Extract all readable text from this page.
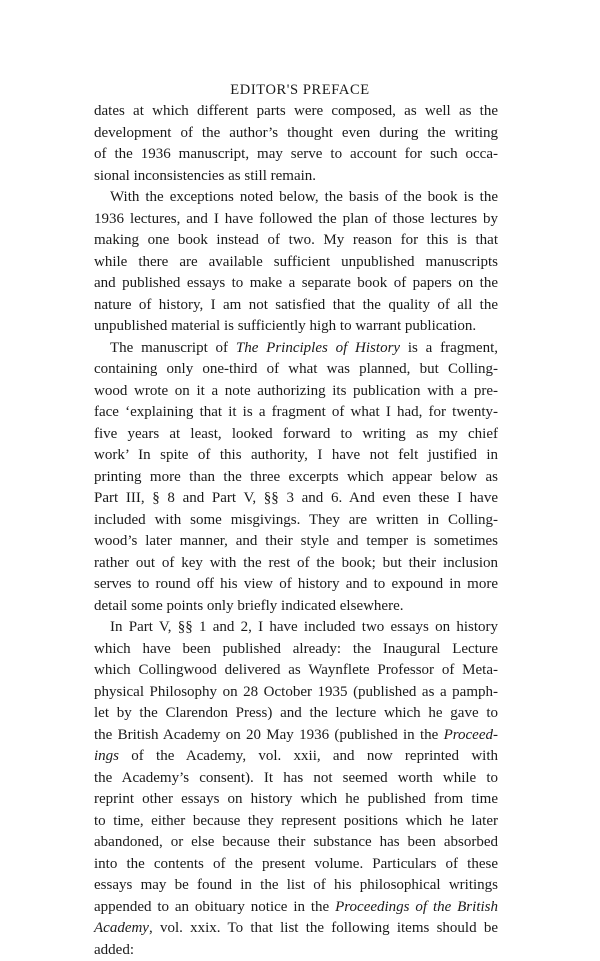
EDITOR'S PREFACE
dates at which different parts were composed, as well as the
development of the author’s thought even during the writing
of the 1936 manuscript, may serve to account for such occa-
sional inconsistencies as still remain.
With the exceptions noted below, the basis of the book is the
1936 lectures, and I have followed the plan of those lectures by
making one book instead of two. My reason for this is that
while there are available sufficient unpublished manuscripts
and published essays to make a separate book of papers on the
nature of history, I am not satisfied that the quality of all the
unpublished material is sufficiently high to warrant publication.
The manuscript of The Principles of History is a fragment,
containing only one-third of what was planned, but Colling-
wood wrote on it a note authorizing its publication with a pre-
face ‘explaining that it is a fragment of what I had, for twenty-
five years at least, looked forward to writing as my chief
work’ In spite of this authority, I have not felt justified in
printing more than the three excerpts which appear below as
Part III, § 8 and Part V, §§ 3 and 6. And even these I have
included with some misgivings. They are written in Colling-
wood’s later manner, and their style and temper is sometimes
rather out of key with the rest of the book; but their inclusion
serves to round off his view of history and to expound in more
detail some points only briefly indicated elsewhere.
In Part V, §§ 1 and 2, I have included two essays on history
which have been published already: the Inaugural Lecture
which Collingwood delivered as Waynflete Professor of Meta-
physical Philosophy on 28 October 1935 (published as a pamph-
let by the Clarendon Press) and the lecture which he gave to
the British Academy on 20 May 1936 (published in the Proceed-
ings of the Academy, vol. xxii, and now reprinted with
the Academy’s consent). It has not seemed worth while to
reprint other essays on history which he published from time
to time, either because they represent positions which he later
abandoned, or else because their substance has been absorbed
into the contents of the present volume. Particulars of these
essays may be found in the list of his philosophical writings
appended to an obituary notice in the Proceedings of the British
Academy, vol. xxix. To that list the following items should be
added:
